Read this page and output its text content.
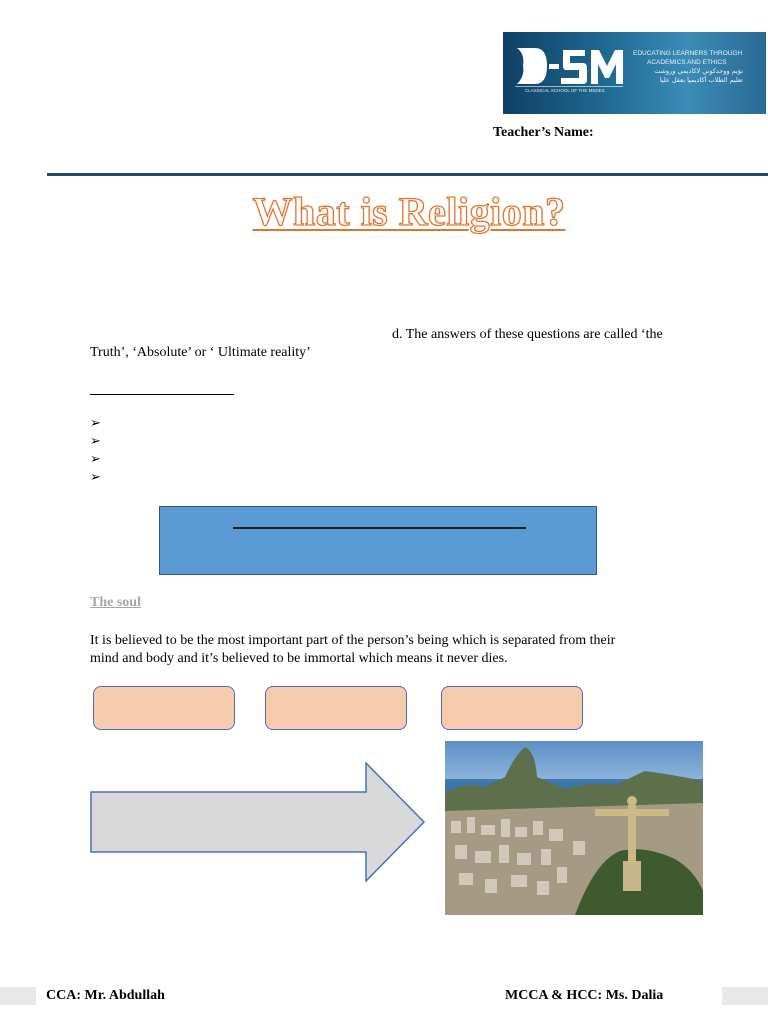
CLASSICAL SCHOOL OF THE MEDES
EDUCATING LEARNERS THROUGH
ACADEMICS AND ETHICS
نؤيم ووجدكوتي لاكاديمي وروشت
تعليم الطلاب أكاديميا بعقل عليا
Teacher’s Name:
What is Religion?
d. The answers of these questions are called ‘the
Truth’, ‘Absolute’ or ‘ Ultimate reality’
➢
➢
➢
➢
The soul
It is believed to be the most important part of the person’s being which is separated from their
mind and body and it’s believed to be immortal which means it never dies.
CCA: Mr. Abdullah	MCCA & HCC: Ms. Dalia
